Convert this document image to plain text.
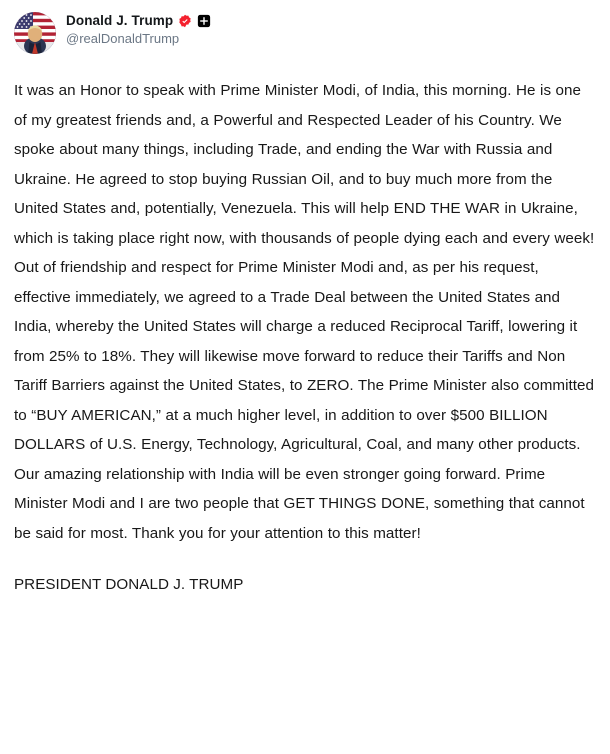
Donald J. Trump
@realDonaldTrump

It was an Honor to speak with Prime Minister Modi, of India, this morning. He is one of my greatest friends and, a Powerful and Respected Leader of his Country. We spoke about many things, including Trade, and ending the War with Russia and Ukraine. He agreed to stop buying Russian Oil, and to buy much more from the United States and, potentially, Venezuela. This will help END THE WAR in Ukraine, which is taking place right now, with thousands of people dying each and every week! Out of friendship and respect for Prime Minister Modi and, as per his request, effective immediately, we agreed to a Trade Deal between the United States and India, whereby the United States will charge a reduced Reciprocal Tariff, lowering it from 25% to 18%. They will likewise move forward to reduce their Tariffs and Non Tariff Barriers against the United States, to ZERO. The Prime Minister also committed to “BUY AMERICAN,” at a much higher level, in addition to over $500 BILLION DOLLARS of U.S. Energy, Technology, Agricultural, Coal, and many other products. Our amazing relationship with India will be even stronger going forward. Prime Minister Modi and I are two people that GET THINGS DONE, something that cannot be said for most. Thank you for your attention to this matter!

PRESIDENT DONALD J. TRUMP
